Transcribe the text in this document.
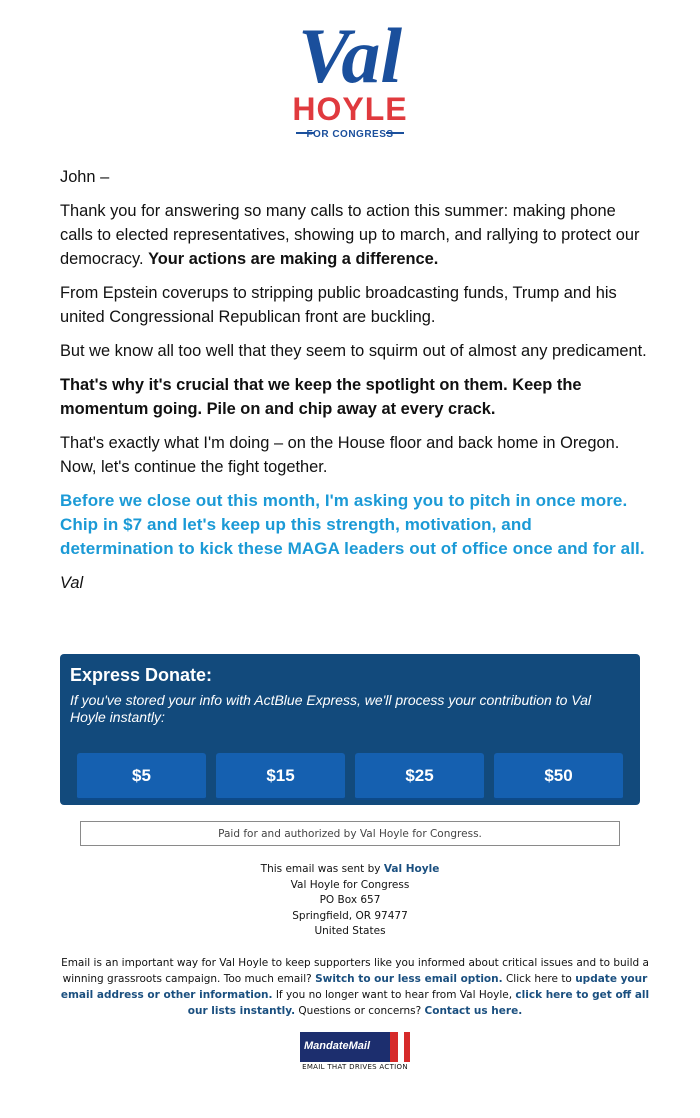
Val
HOYLE
FOR CONGRESS

John –

Thank you for answering so many calls to action this summer: making phone calls to elected representatives, showing up to march, and rallying to protect our democracy. Your actions are making a difference.

From Epstein coverups to stripping public broadcasting funds, Trump and his united Congressional Republican front are buckling.

But we know all too well that they seem to squirm out of almost any predicament.

That's why it's crucial that we keep the spotlight on them. Keep the momentum going. Pile on and chip away at every crack.

That's exactly what I'm doing – on the House floor and back home in Oregon. Now, let's continue the fight together.

Before we close out this month, I'm asking you to pitch in once more. Chip in $7 and let's keep up this strength, motivation, and determination to kick these MAGA leaders out of office once and for all.

Val

Express Donate:
If you've stored your info with ActBlue Express, we'll process your contribution to Val Hoyle instantly:
$5	$15	$25	$50
Paid for and authorized by Val Hoyle for Congress.
This email was sent by Val Hoyle
Val Hoyle for Congress
PO Box 657
Springfield, OR 97477
United States
Email is an important way for Val Hoyle to keep supporters like you informed about critical issues and to build a winning grassroots campaign. Too much email? Switch to our less email option. Click here to update your email address or other information. If you no longer want to hear from Val Hoyle, click here to get off all our lists instantly. Questions or concerns? Contact us here.
MandateMail
EMAIL THAT DRIVES ACTION
